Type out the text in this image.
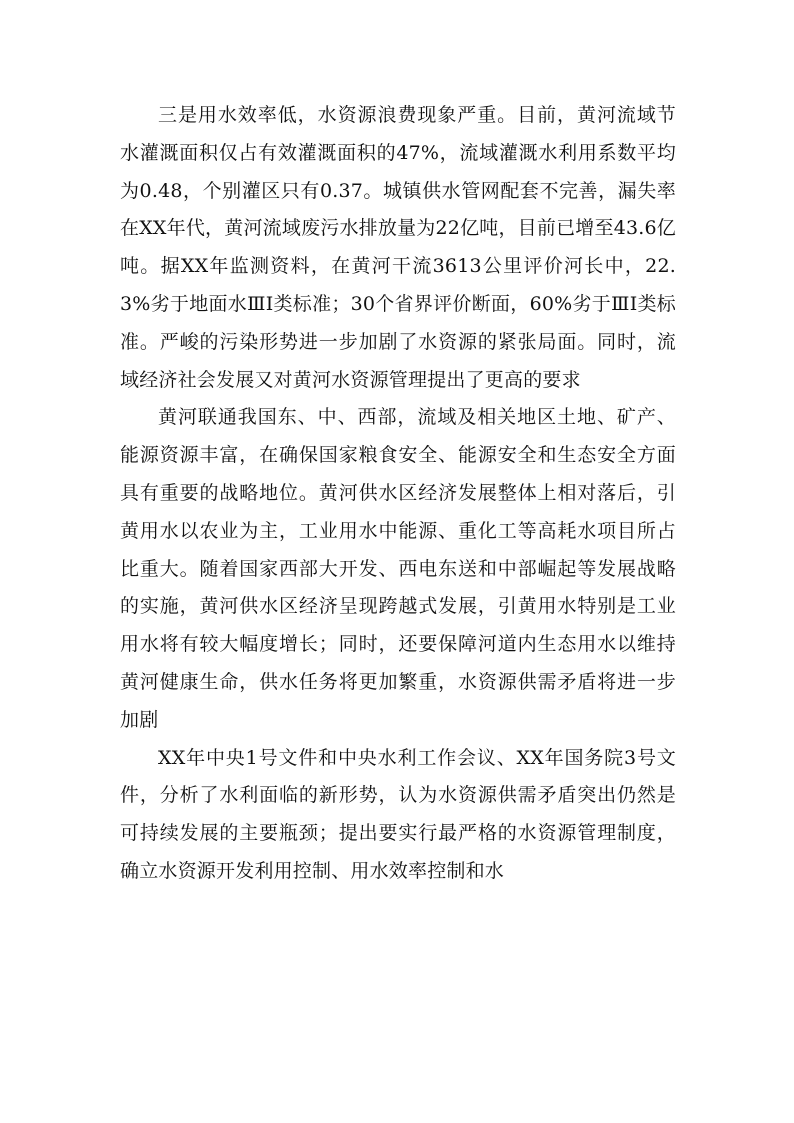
三是用水效率低，水资源浪费现象严重。目前，黄河流域节水灌溉面积仅占有效灌溉面积的47%，流域灌溉水利用系数平均为0.48，个别灌区只有0.37。城镇供水管网配套不完善，漏失率在XX年代，黄河流域废污水排放量为22亿吨，目前已增至43.6亿吨。据XX年监测资料，在黄河干流3613公里评价河长中，22.3%劣于地面水ⅢI类标准；30个省界评价断面，60%劣于ⅢI类标准。严峻的污染形势进一步加剧了水资源的紧张局面。同时，流域经济社会发展又对黄河水资源管理提出了更高的要求

黄河联通我国东、中、西部，流域及相关地区土地、矿产、能源资源丰富，在确保国家粮食安全、能源安全和生态安全方面具有重要的战略地位。黄河供水区经济发展整体上相对落后，引黄用水以农业为主，工业用水中能源、重化工等高耗水项目所占比重大。随着国家西部大开发、西电东送和中部崛起等发展战略的实施，黄河供水区经济呈现跨越式发展，引黄用水特别是工业用水将有较大幅度增长；同时，还要保障河道内生态用水以维持黄河健康生命，供水任务将更加繁重，水资源供需矛盾将进一步加剧

XX年中央1号文件和中央水利工作会议、XX年国务院3号文件，分析了水利面临的新形势，认为水资源供需矛盾突出仍然是可持续发展的主要瓶颈；提出要实行最严格的水资源管理制度，确立水资源开发利用控制、用水效率控制和水
